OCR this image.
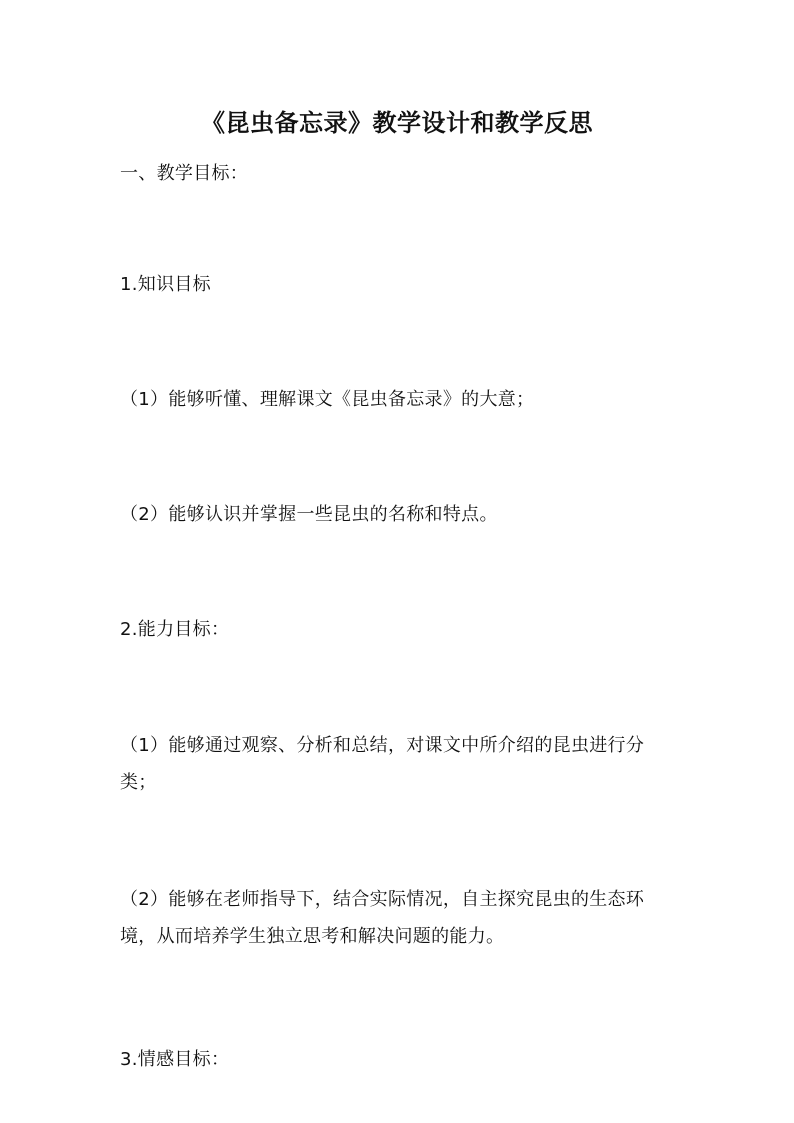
《昆虫备忘录》教学设计和教学反思
一、教学目标：
1.知识目标
（1）能够听懂、理解课文《昆虫备忘录》的大意；
（2）能够认识并掌握一些昆虫的名称和特点。
2.能力目标：
（1）能够通过观察、分析和总结，对课文中所介绍的昆虫进行分类；
（2）能够在老师指导下，结合实际情况，自主探究昆虫的生态环境，从而培养学生独立思考和解决问题的能力。
3.情感目标：
